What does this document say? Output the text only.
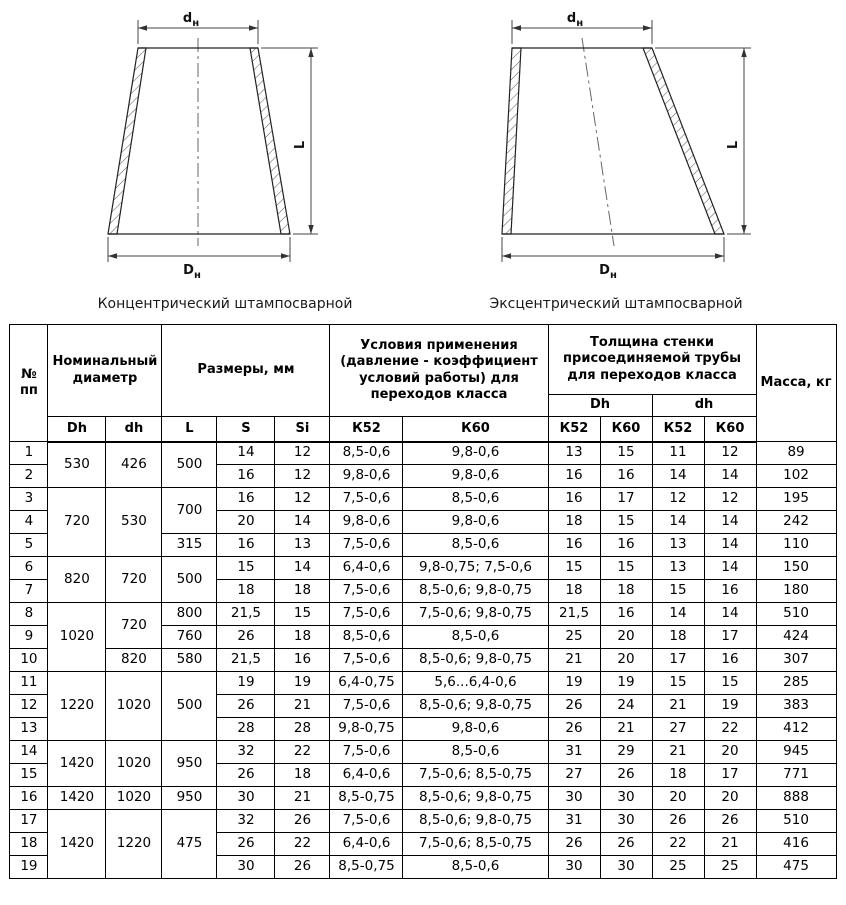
$d_н$
$D_н$
L
Концентрический штампосварной
$d_н$
$D_н$
L
Эксцентрический штампосварной
№ пп	Номинальный диаметр		Размеры, мм			Условия применения (давление - коэффициент условий работы) для переходов класса		Толщина стенки присоединяемой трубы для переходов класса				Масса, кг
								Dh		dh		
	Dh	dh	L	S	Si	К52	К60	К52	К60	К52	К60	
1	530	426	500	14	12	8,5-0,6	9,8-0,6	13	15	11	12	89
2				16	12	9,8-0,6	9,8-0,6	16	16	14	14	102
3	720	530	700	16	12	7,5-0,6	8,5-0,6	16	17	12	12	195
4				20	14	9,8-0,6	9,8-0,6	18	15	14	14	242
5			315	16	13	7,5-0,6	8,5-0,6	16	16	13	14	110
6	820	720	500	15	14	6,4-0,6	9,8-0,75; 7,5-0,6	15	15	13	14	150
7				18	18	7,5-0,6	8,5-0,6; 9,8-0,75	18	18	15	16	180
8	1020	720	800	21,5	15	7,5-0,6	7,5-0,6; 9,8-0,75	21,5	16	14	14	510
9			760	26	18	8,5-0,6	8,5-0,6	25	20	18	17	424
10		820	580	21,5	16	7,5-0,6	8,5-0,6; 9,8-0,75	21	20	17	16	307
11	1220	1020	500	19	19	6,4-0,75	5,6...6,4-0,6	19	19	15	15	285
12				26	21	7,5-0,6	8,5-0,6; 9,8-0,75	26	24	21	19	383
13				28	28	9,8-0,75	9,8-0,6	26	21	27	22	412
14	1420	1020	950	32	22	7,5-0,6	8,5-0,6	31	29	21	20	945
15				26	18	6,4-0,6	7,5-0,6; 8,5-0,75	27	26	18	17	771
16	1420	1020	950	30	21	8,5-0,75	8,5-0,6; 9,8-0,75	30	30	20	20	888
17	1420	1220	475	32	26	7,5-0,6	8,5-0,6; 9,8-0,75	31	30	26	26	510
18				26	22	6,4-0,6	7,5-0,6; 8,5-0,75	26	26	22	21	416
19				30	26	8,5-0,75	8,5-0,6	30	30	25	25	475
